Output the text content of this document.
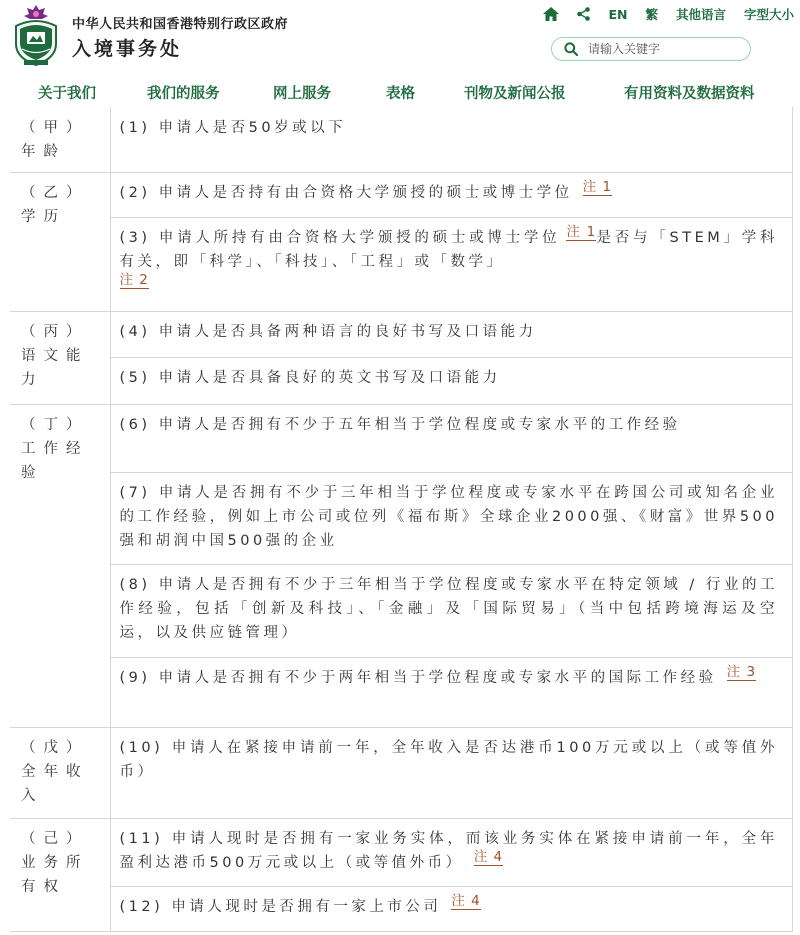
中华人民共和国香港特别行政区政府
入境事务处
EN 繁 其他语言 字型大小
请输入关键字
关于我们	我们的服务	网上服务	表格	刊物及新闻公报	有用资料及数据资料
（甲）年龄	(1) 申请人是否50岁或以下
（乙）学历	(2) 申请人是否持有由合资格大学颁授的硕士或博士学位 注 1
	(3) 申请人所持有由合资格大学颁授的硕士或博士学位 注 1是否与「STEM」学科有关，即「科学」、「科技」、「工程」或「数学」
注 2
（丙）语文能力	(4) 申请人是否具备两种语言的良好书写及口语能力
	(5) 申请人是否具备良好的英文书写及口语能力
（丁）工作经验	(6) 申请人是否拥有不少于五年相当于学位程度或专家水平的工作经验
	(7) 申请人是否拥有不少于三年相当于学位程度或专家水平在跨国公司或知名企业的工作经验，例如上市公司或位列《福布斯》全球企业2000强、《财富》世界500强和胡润中国500强的企业
	(8) 申请人是否拥有不少于三年相当于学位程度或专家水平在特定领域 / 行业的工作经验，包括「创新及科技」、「金融」及「国际贸易」（当中包括跨境海运及空运，以及供应链管理）
	(9) 申请人是否拥有不少于两年相当于学位程度或专家水平的国际工作经验 注 3
（戊）全年收入	(10) 申请人在紧接申请前一年，全年收入是否达港币100万元或以上（或等值外币）
（己）业务所有权	(11) 申请人现时是否拥有一家业务实体，而该业务实体在紧接申请前一年，全年盈利达港币500万元或以上（或等值外币） 注 4
	(12) 申请人现时是否拥有一家上市公司 注 4
